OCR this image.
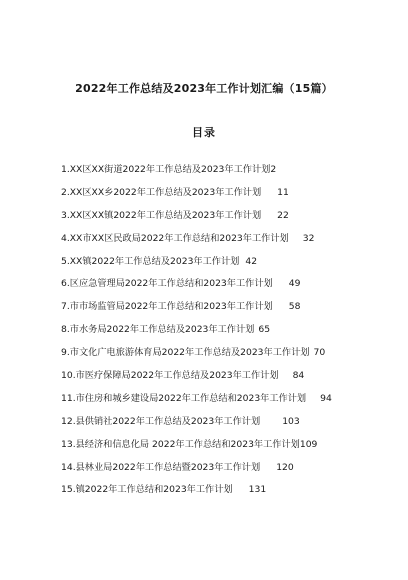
2022年工作总结及2023年工作计划汇编（15篇）
目录
1.XX区XX街道2022年工作总结及2023年工作计划 2
2.XX区XX乡2022年工作总结及2023年工作计划 11
3.XX区XX镇2022年工作总结及2023年工作计划 22
4.XX市XX区民政局2022年工作总结和2023年工作计划 32
5.XX镇2022年工作总结及2023年工作计划 42
6.区应急管理局2022年工作总结和2023年工作计划 49
7.市市场监管局2022年工作总结和2023年工作计划 58
8.市水务局2022年工作总结及2023年工作计划 65
9.市文化广电旅游体育局2022年工作总结及2023年工作计划 70
10.市医疗保障局2022年工作总结及2023年工作计划 84
11.市住房和城乡建设局2022年工作总结和2023年工作计划 94
12.县供销社2022年工作总结及2023年工作计划 103
13.县经济和信息化局 2022年工作总结和2023年工作计划 109
14.县林业局2022年工作总结暨2023年工作计划 120
15.镇2022年工作总结和2023年工作计划 131
